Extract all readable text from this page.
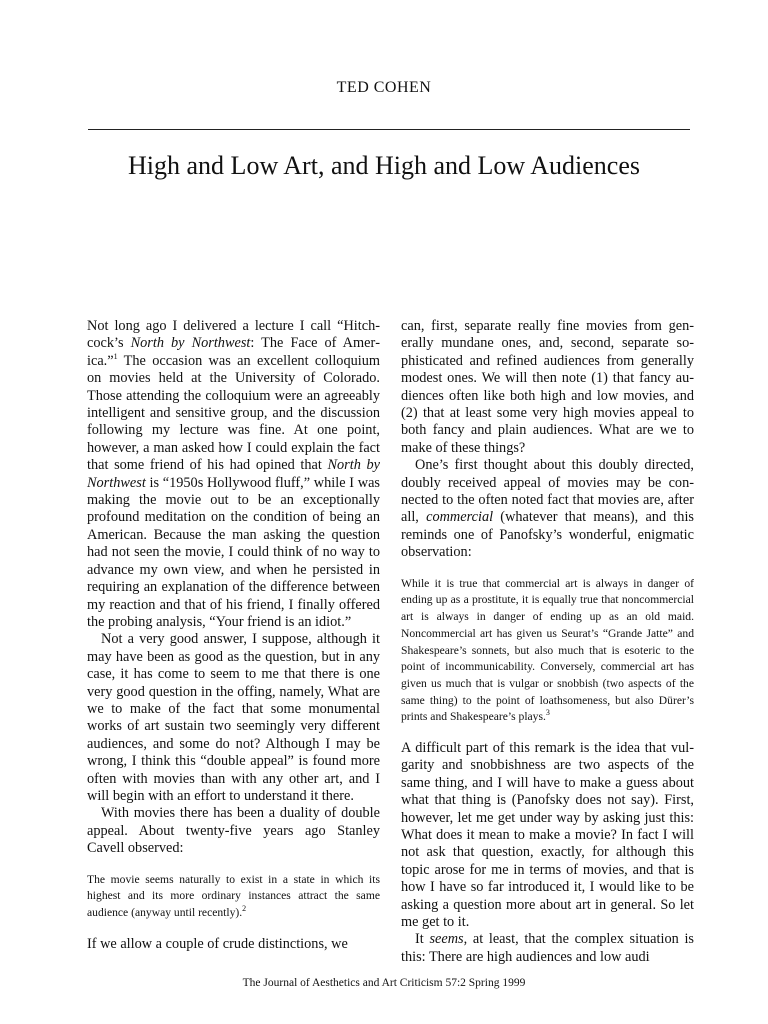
TED COHEN
High and Low Art, and High and Low Audiences

Not long ago I delivered a lecture I call “Hitchcock’s North by Northwest: The Face of America.”$^1$ The occasion was an excellent colloquium on movies held at the University of Colorado. Those attending the colloquium were an agreeably intelligent and sensitive group, and the discussion following my lecture was fine. At one point, however, a man asked how I could explain the fact that some friend of his had opined that North by Northwest is “1950s Hollywood fluff,” while I was making the movie out to be an exceptionally profound meditation on the condition of being an American. Because the man asking the question had not seen the movie, I could think of no way to advance my own view, and when he persisted in requiring an explanation of the difference between my reaction and that of his friend, I finally offered the probing analysis, “Your friend is an idiot.”

Not a very good answer, I suppose, although it may have been as good as the question, but in any case, it has come to seem to me that there is one very good question in the offing, namely, What are we to make of the fact that some monumental works of art sustain two seemingly very different audiences, and some do not? Although I may be wrong, I think this “double appeal” is found more often with movies than with any other art, and I will begin with an effort to understand it there.

With movies there has been a duality of double appeal. About twenty-five years ago Stanley Cavell observed:

The movie seems naturally to exist in a state in which its highest and its more ordinary instances attract the same audience (anyway until recently).$^2$

If we allow a couple of crude distinctions, we

can, first, separate really fine movies from generally mundane ones, and, second, separate sophisticated and refined audiences from generally modest ones. We will then note (1) that fancy audiences often like both high and low movies, and (2) that at least some very high movies appeal to both fancy and plain audiences. What are we to make of these things?

One’s first thought about this doubly directed, doubly received appeal of movies may be connected to the often noted fact that movies are, after all, commercial (whatever that means), and this reminds one of Panofsky’s wonderful, enigmatic observation:

While it is true that commercial art is always in danger of ending up as a prostitute, it is equally true that noncommercial art is always in danger of ending up as an old maid. Noncommercial art has given us Seurat’s “Grande Jatte” and Shakespeare’s sonnets, but also much that is esoteric to the point of incommunicability. Conversely, commercial art has given us much that is vulgar or snobbish (two aspects of the same thing) to the point of loathsomeness, but also Dürer’s prints and Shakespeare’s plays.$^3$

A difficult part of this remark is the idea that vulgarity and snobbishness are two aspects of the same thing, and I will have to make a guess about what that thing is (Panofsky does not say). First, however, let me get under way by asking just this: What does it mean to make a movie? In fact I will not ask that question, exactly, for although this topic arose for me in terms of movies, and that is how I have so far introduced it, I would like to be asking a question more about art in general. So let me get to it.

It seems, at least, that the complex situation is this: There are high audiences and low audi

The Journal of Aesthetics and Art Criticism 57:2 Spring 1999
